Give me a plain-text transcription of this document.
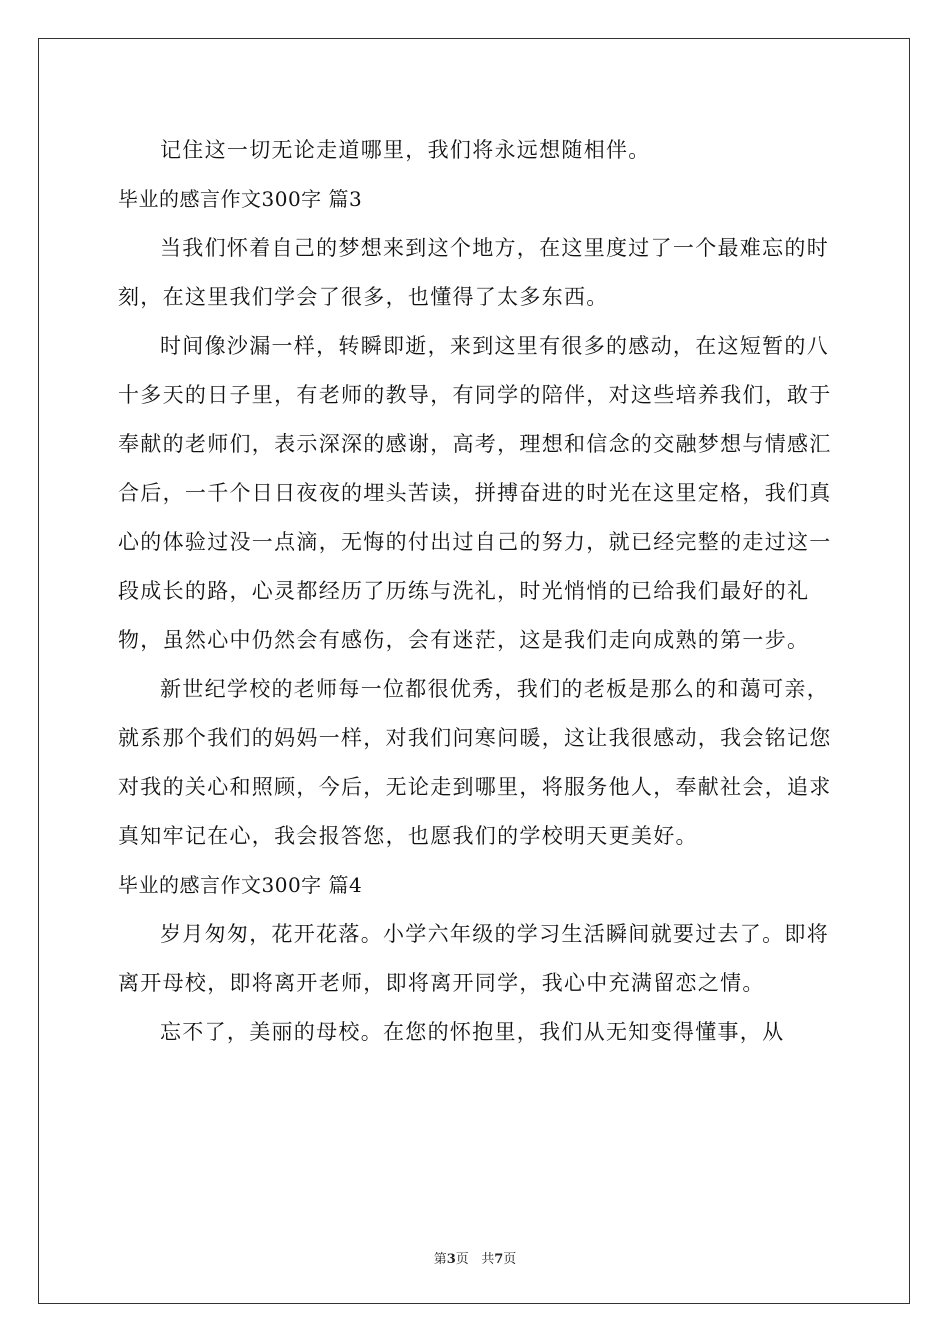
记住这一切无论走道哪里，我们将永远想随相伴。

毕业的感言作文300字 篇3

当我们怀着自己的梦想来到这个地方，在这里度过了一个最难忘的时刻，在这里我们学会了很多，也懂得了太多东西。

时间像沙漏一样，转瞬即逝，来到这里有很多的感动，在这短暂的八十多天的日子里，有老师的教导，有同学的陪伴，对这些培养我们，敢于奉献的老师们，表示深深的感谢，高考，理想和信念的交融梦想与情感汇合后，一千个日日夜夜的埋头苦读，拼搏奋进的时光在这里定格，我们真心的体验过没一点滴，无悔的付出过自己的努力，就已经完整的走过这一段成长的路，心灵都经历了历练与洗礼，时光悄悄的已给我们最好的礼物，虽然心中仍然会有感伤，会有迷茫，这是我们走向成熟的第一步。

新世纪学校的老师每一位都很优秀，我们的老板是那么的和蔼可亲，就系那个我们的妈妈一样，对我们问寒问暖，这让我很感动，我会铭记您对我的关心和照顾，今后，无论走到哪里，将服务他人，奉献社会，追求真知牢记在心，我会报答您，也愿我们的学校明天更美好。

毕业的感言作文300字 篇4

岁月匆匆，花开花落。小学六年级的学习生活瞬间就要过去了。即将离开母校，即将离开老师，即将离开同学，我心中充满留恋之情。

忘不了，美丽的母校。在您的怀抱里，我们从无知变得懂事，从

第3页   共7页
